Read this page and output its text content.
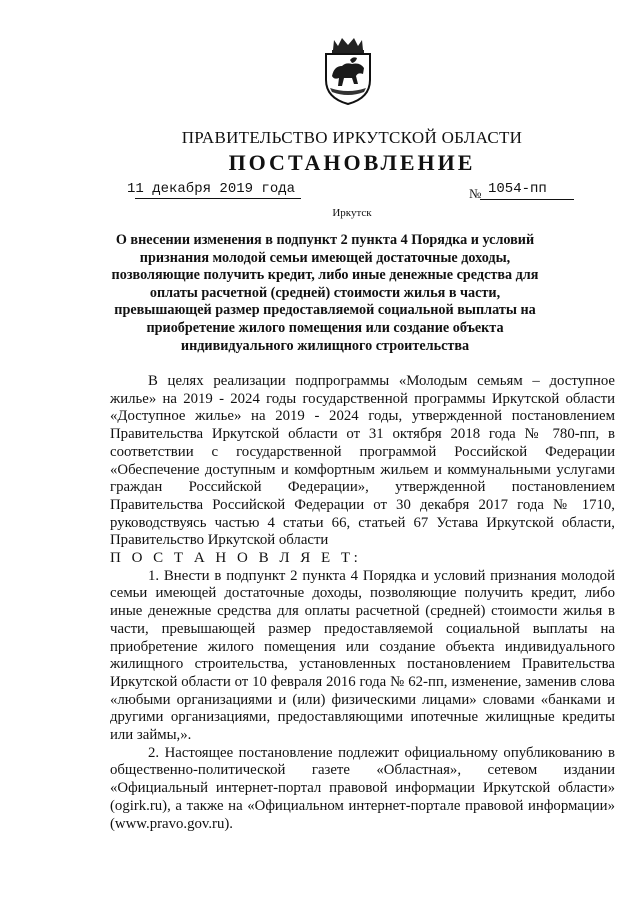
ПРАВИТЕЛЬСТВО ИРКУТСКОЙ ОБЛАСТИ
ПОСТАНОВЛЕНИЕ
11 декабря 2019 года	№ 1054-пп
Иркутск
О внесении изменения в подпункт 2 пункта 4 Порядка и условий признания молодой семьи имеющей достаточные доходы, позволяющие получить кредит, либо иные денежные средства для оплаты расчетной (средней) стоимости жилья в части, превышающей размер предоставляемой социальной выплаты на приобретение жилого помещения или создание объекта индивидуального жилищного строительства

В целях реализации подпрограммы «Молодым семьям – доступное жилье» на 2019 - 2024 годы государственной программы Иркутской области «Доступное жилье» на 2019 - 2024 годы, утвержденной постановлением Правительства Иркутской области от 31 октября 2018 года № 780-пп, в соответствии с государственной программой Российской Федерации «Обеспечение доступным и комфортным жильем и коммунальными услугами граждан Российской Федерации», утвержденной постановлением Правительства Российской Федерации от 30 декабря 2017 года № 1710, руководствуясь частью 4 статьи 66, статьей 67 Устава Иркутской области, Правительство Иркутской области

П О С Т А Н О В Л Я Е Т:

1. Внести в подпункт 2 пункта 4 Порядка и условий признания молодой семьи имеющей достаточные доходы, позволяющие получить кредит, либо иные денежные средства для оплаты расчетной (средней) стоимости жилья в части, превышающей размер предоставляемой социальной выплаты на приобретение жилого помещения или создание объекта индивидуального жилищного строительства, установленных постановлением Правительства Иркутской области от 10 февраля 2016 года № 62-пп, изменение, заменив слова «любыми организациями и (или) физическими лицами» словами «банками и другими организациями, предоставляющими ипотечные жилищные кредиты или займы,».

2. Настоящее постановление подлежит официальному опубликованию в общественно-политической газете «Областная», сетевом издании «Официальный интернет-портал правовой информации Иркутской области» (ogirk.ru), а также на «Официальном интернет-портале правовой информации» (www.pravo.gov.ru).
